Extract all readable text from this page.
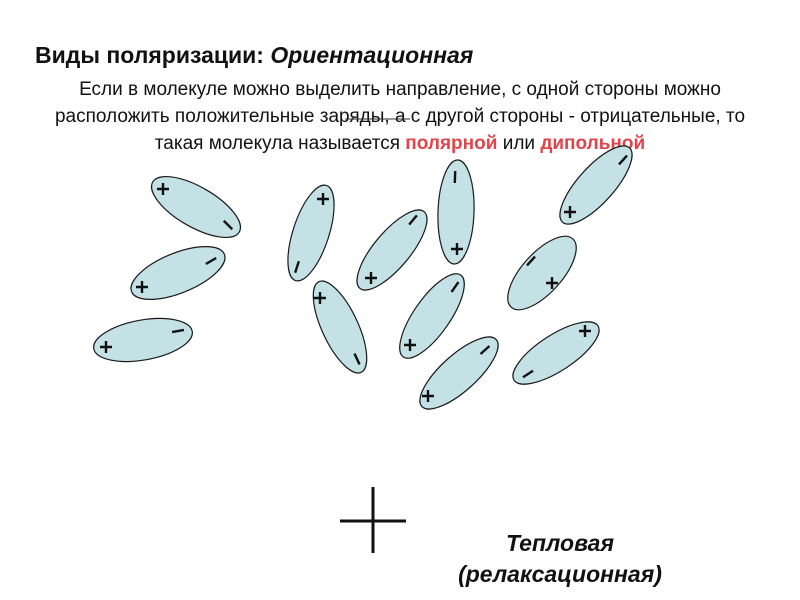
Виды поляризации: Ориентационная
Если в молекуле можно выделить направление, с одной стороны можно расположить положительные заряды, а с другой стороны - отрицательные, то такая молекула называется полярной или дипольной
Тепловая
(релаксационная)
